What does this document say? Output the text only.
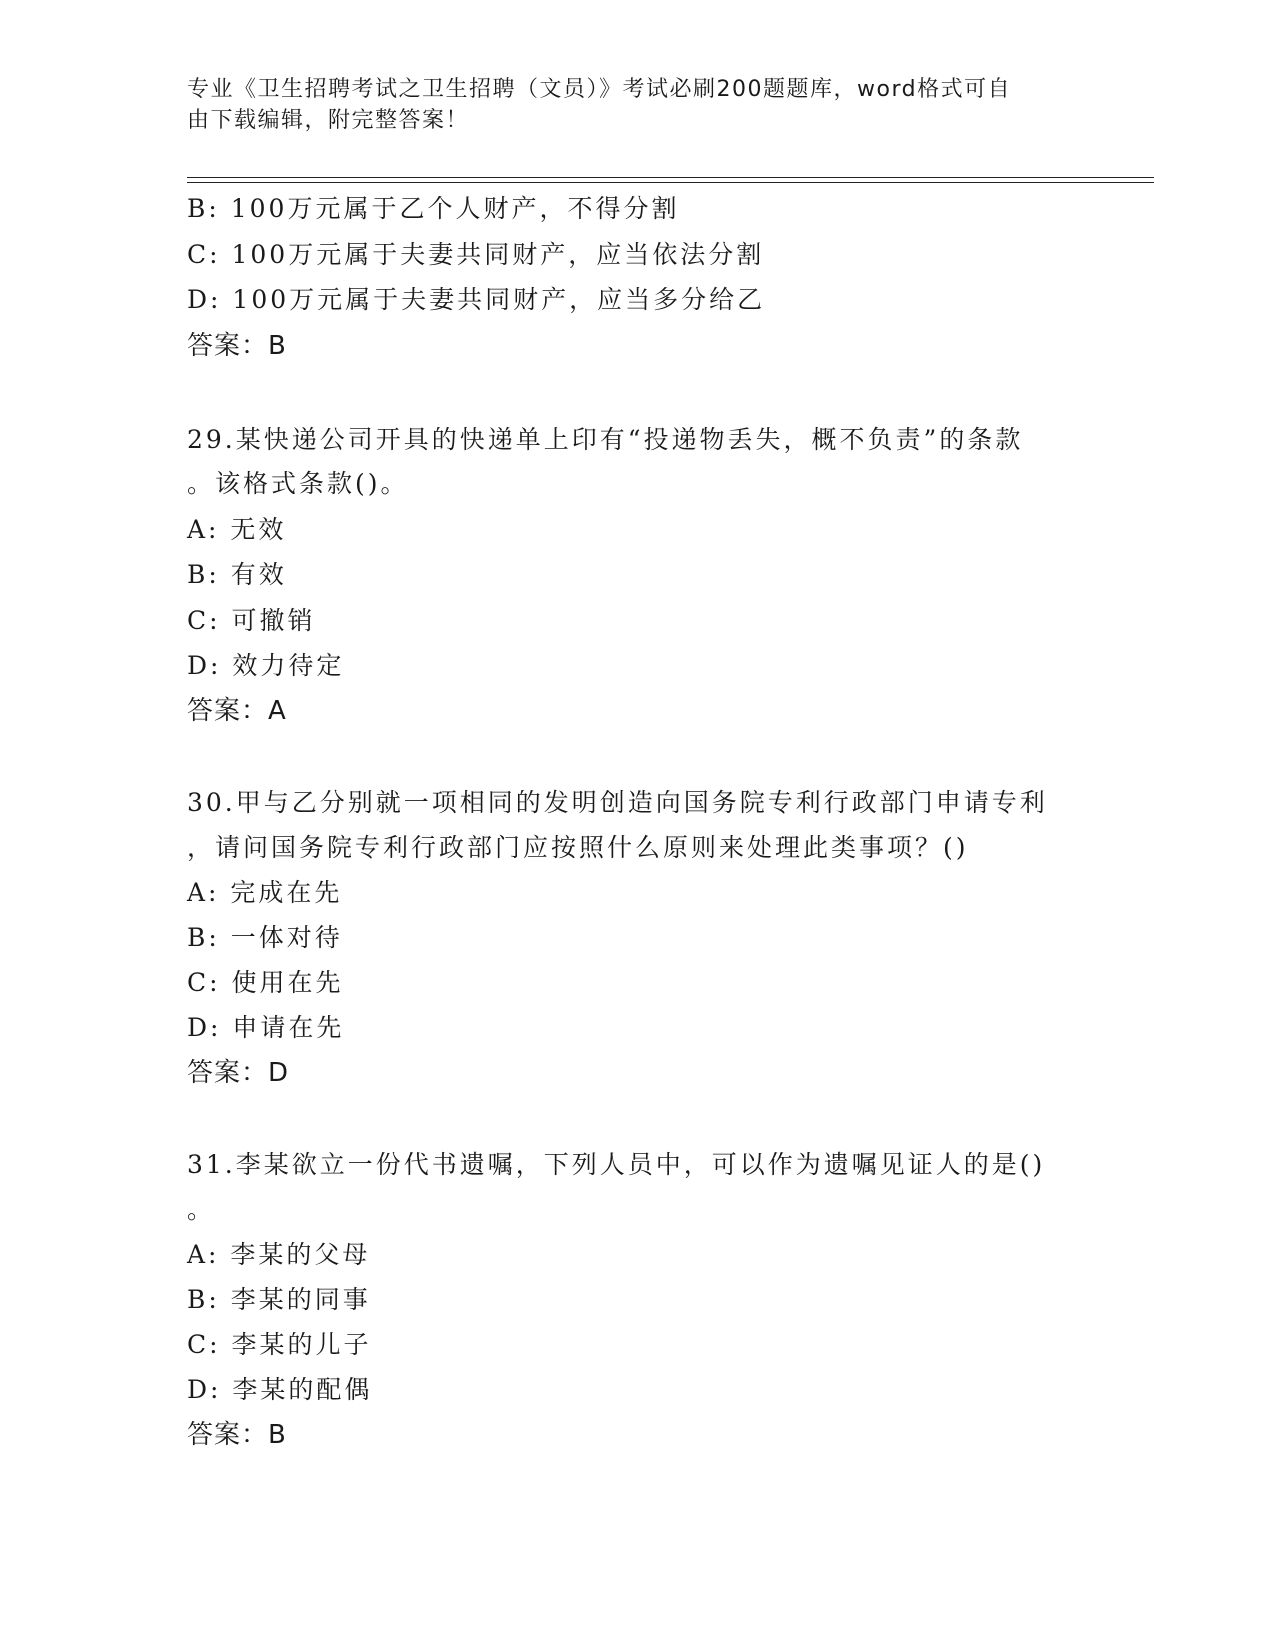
专业《卫生招聘考试之卫生招聘（文员）》考试必刷200题题库，word格式可自
由下载编辑，附完整答案！
B: 100万元属于乙个人财产，不得分割
C: 100万元属于夫妻共同财产，应当依法分割
D: 100万元属于夫妻共同财产，应当多分给乙
答案：B
29.某快递公司开具的快递单上印有“投递物丢失，概不负责”的条款
。该格式条款()。
A: 无效
B: 有效
C: 可撤销
D: 效力待定
答案：A
30.甲与乙分别就一项相同的发明创造向国务院专利行政部门申请专利
，请问国务院专利行政部门应按照什么原则来处理此类事项？()
A: 完成在先
B: 一体对待
C: 使用在先
D: 申请在先
答案：D
31.李某欲立一份代书遗嘱，下列人员中，可以作为遗嘱见证人的是()
。
A: 李某的父母
B: 李某的同事
C: 李某的儿子
D: 李某的配偶
答案：B
